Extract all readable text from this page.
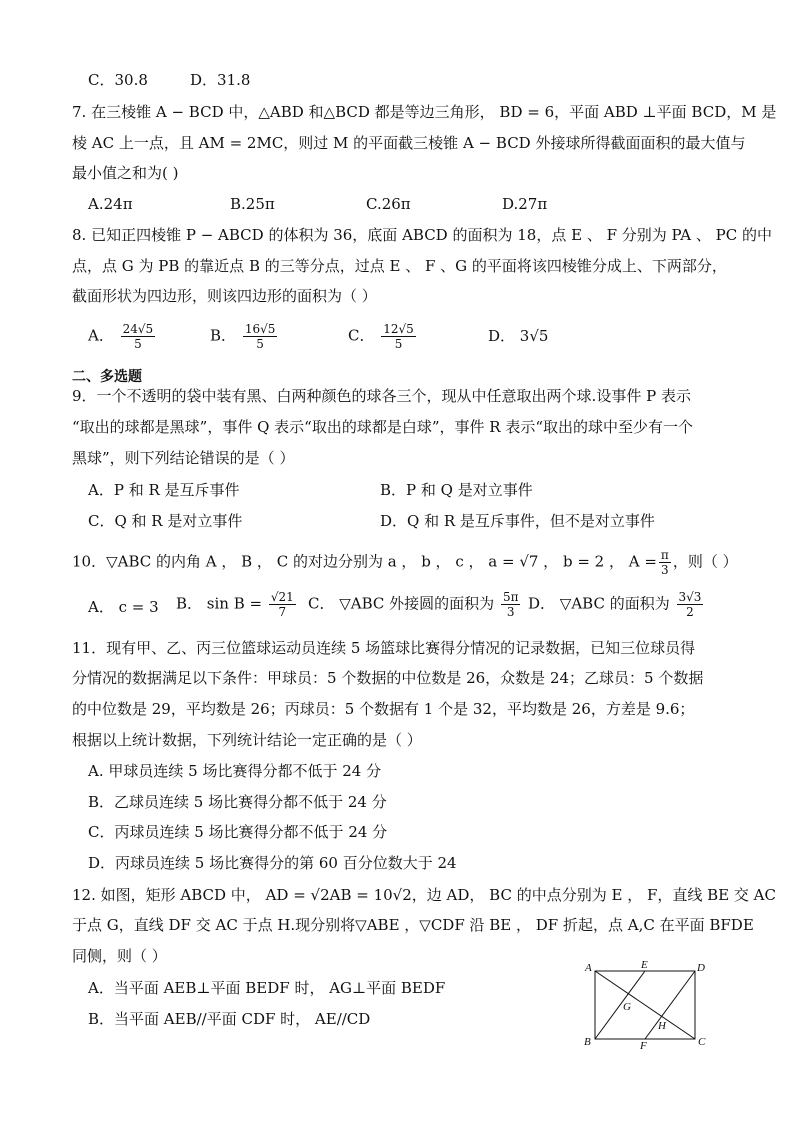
C．30.8	D．31.8
7. 在三棱锥 A − BCD 中，△ABD 和△BCD 都是等边三角形， BD = 6，平面 ABD ⊥平面 BCD，M 是
棱 AC 上一点，且 AM = 2MC，则过 M 的平面截三棱锥 A − BCD 外接球所得截面面积的最大值与
最小值之和为( )
A.24π	B.25π	C.26π	D.27π
8. 已知正四棱锥 P − ABCD 的体积为 36，底面 ABCD 的面积为 18，点 E 、 F 分别为 PA 、 PC 的中
点，点 G 为 PB 的靠近点 B 的三等分点，过点 E 、 F 、G 的平面将该四棱锥分成上、下两部分，
截面形状为四边形，则该四边形的面积为（ ）
A． $\frac{24√5}{5}$	B． $\frac{16√5}{5}$	C． $\frac{12√5}{5}$	D． 3√5
二、多选题
9．一个不透明的袋中装有黑、白两种颜色的球各三个，现从中任意取出两个球.设事件 P 表示
“取出的球都是黑球”，事件 Q 表示“取出的球都是白球”，事件 R 表示“取出的球中至少有一个
黑球”，则下列结论错误的是（ ）
A．P 和 R 是互斥事件	B．P 和 Q 是对立事件
C．Q 和 R 是对立事件	D．Q 和 R 是互斥事件，但不是对立事件
10．▽ABC 的内角 A ， B ， C 的对边分别为 a ， b ， c ， a = √7 ， b = 2 ， $A = \frac{\pi}{3}$ ，则（ ）
A． c = 3 B． $\sin B = \frac{√21}{7}$ C． ▽ABC 外接圆的面积为 $\frac{5\pi}{3}$ D． ▽ABC 的面积为 $\frac{3√3}{2}$
11．现有甲、乙、丙三位篮球运动员连续 5 场篮球比赛得分情况的记录数据，已知三位球员得
分情况的数据满足以下条件：甲球员：5 个数据的中位数是 26，众数是 24；乙球员：5 个数据
的中位数是 29，平均数是 26；丙球员：5 个数据有 1 个是 32，平均数是 26，方差是 9.6；
根据以上统计数据，下列统计结论一定正确的是（ ）
A. 甲球员连续 5 场比赛得分都不低于 24 分
B．乙球员连续 5 场比赛得分都不低于 24 分
C．丙球员连续 5 场比赛得分都不低于 24 分
D．丙球员连续 5 场比赛得分的第 60 百分位数大于 24
12. 如图，矩形 ABCD 中， AD = √2AB = 10√2，边 AD， BC 的中点分别为 E ， F，直线 BE 交 AC
于点 G，直线 DF 交 AC 于点 H.现分别将▽ABE ，▽CDF 沿 BE ， DF 折起，点 A,C 在平面 BFDE
同侧，则（ ）
A．当平面 AEB⊥平面 BEDF 时， AG⊥平面 BEDF
B．当平面 AEB//平面 CDF 时， AE//CD
A	E	D
G
H
B	F	C
